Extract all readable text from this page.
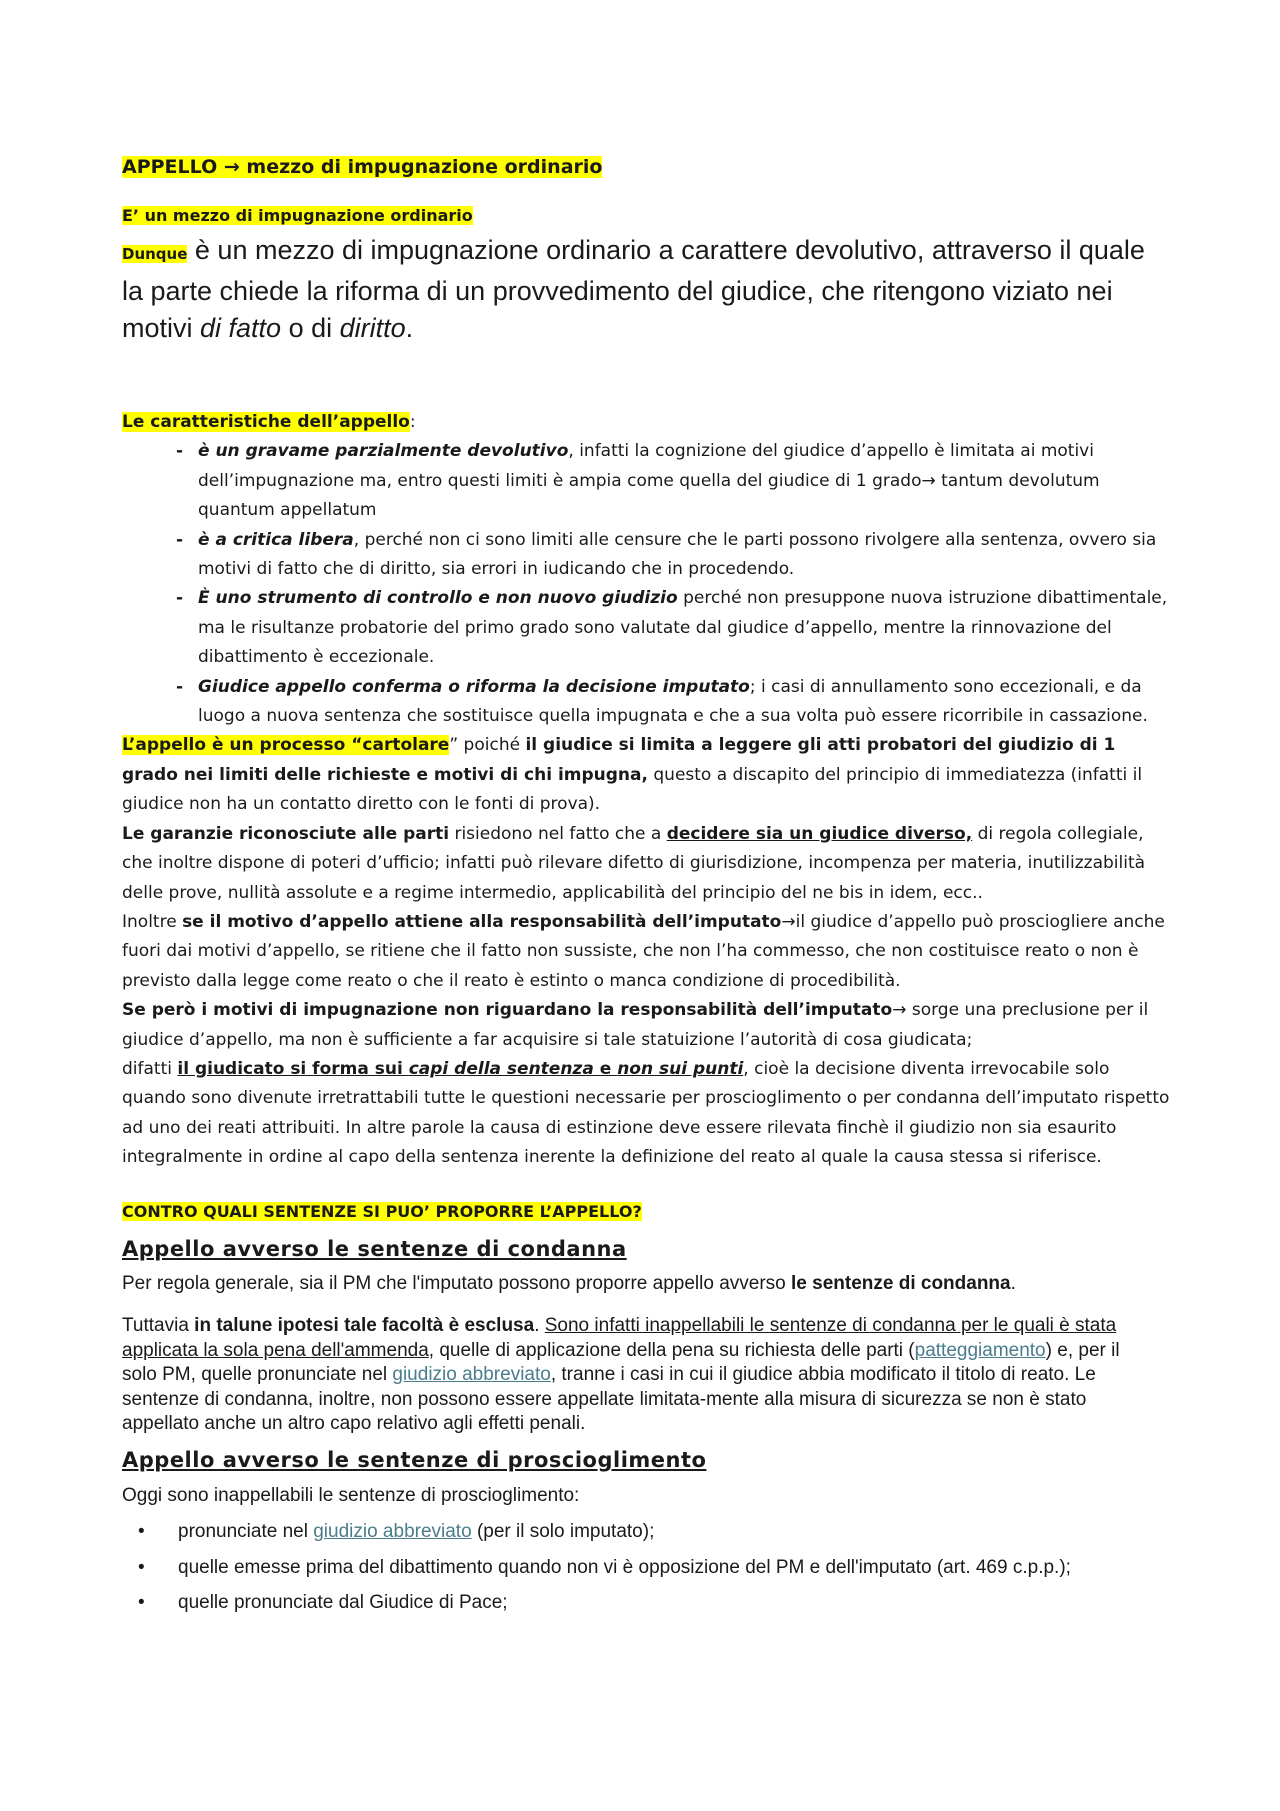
APPELLO → mezzo di impugnazione ordinario
E’ un mezzo di impugnazione ordinario
Dunque è un mezzo di impugnazione ordinario a carattere devolutivo, attraverso il quale la parte chiede la riforma di un provvedimento del giudice, che ritengono viziato nei motivi di fatto o di diritto.

Le caratteristiche dell’appello:

- è un gravame parzialmente devolutivo, infatti la cognizione del giudice d’appello è limitata ai motivi dell’impugnazione ma, entro questi limiti è ampia come quella del giudice di 1 grado→ tantum devolutum quantum appellatum

- è a critica libera, perché non ci sono limiti alle censure che le parti possono rivolgere alla sentenza, ovvero sia motivi di fatto che di diritto, sia errori in iudicando che in procedendo.

- È uno strumento di controllo e non nuovo giudizio perché non presuppone nuova istruzione dibattimentale, ma le risultanze probatorie del primo grado sono valutate dal giudice d’appello, mentre la rinnovazione del dibattimento è eccezionale.

- Giudice appello conferma o riforma la decisione imputato; i casi di annullamento sono eccezionali, e da luogo a nuova sentenza che sostituisce quella impugnata e che a sua volta può essere ricorribile in cassazione.

L’appello è un processo “cartolare” poiché il giudice si limita a leggere gli atti probatori del giudizio di 1 grado nei limiti delle richieste e motivi di chi impugna, questo a discapito del principio di immediatezza (infatti il giudice non ha un contatto diretto con le fonti di prova).

Le garanzie riconosciute alle parti risiedono nel fatto che a decidere sia un giudice diverso, di regola collegiale, che inoltre dispone di poteri d’ufficio; infatti può rilevare difetto di giurisdizione, incompenza per materia, inutilizzabilità delle prove, nullità assolute e a regime intermedio, applicabilità del principio del ne bis in idem, ecc..

Inoltre se il motivo d’appello attiene alla responsabilità dell’imputato→il giudice d’appello può prosciogliere anche fuori dai motivi d’appello, se ritiene che il fatto non sussiste, che non l’ha commesso, che non costituisce reato o non è previsto dalla legge come reato o che il reato è estinto o manca condizione di procedibilità.

Se però i motivi di impugnazione non riguardano la responsabilità dell’imputato→ sorge una preclusione per il giudice d’appello, ma non è sufficiente a far acquisire si tale statuizione l’autorità di cosa giudicata;

difatti il giudicato si forma sui capi della sentenza e non sui punti, cioè la decisione diventa irrevocabile solo quando sono divenute irretrattabili tutte le questioni necessarie per proscioglimento o per condanna dell’imputato rispetto ad uno dei reati attribuiti. In altre parole la causa di estinzione deve essere rilevata finchè il giudizio non sia esaurito integralmente in ordine al capo della sentenza inerente la definizione del reato al quale la causa stessa si riferisce.

CONTRO QUALI SENTENZE SI PUO’ PROPORRE L’APPELLO?
Appello avverso le sentenze di condanna

Per regola generale, sia il PM che l'imputato possono proporre appello avverso le sentenze di condanna.

Tuttavia in talune ipotesi tale facoltà è esclusa. Sono infatti inappellabili le sentenze di condanna per le quali è stata applicata la sola pena dell'ammenda, quelle di applicazione della pena su richiesta delle parti (patteggiamento) e, per il solo PM, quelle pronunciate nel giudizio abbreviato, tranne i casi in cui il giudice abbia modificato il titolo di reato. Le sentenze di condanna, inoltre, non possono essere appellate limitata-mente alla misura di sicurezza se non è stato appellato anche un altro capo relativo agli effetti penali.

Appello avverso le sentenze di proscioglimento
Oggi sono inappellabili le sentenze di proscioglimento:
• pronunciate nel giudizio abbreviato (per il solo imputato);
• quelle emesse prima del dibattimento quando non vi è opposizione del PM e dell'imputato (art. 469 c.p.p.);
• quelle pronunciate dal Giudice di Pace;
